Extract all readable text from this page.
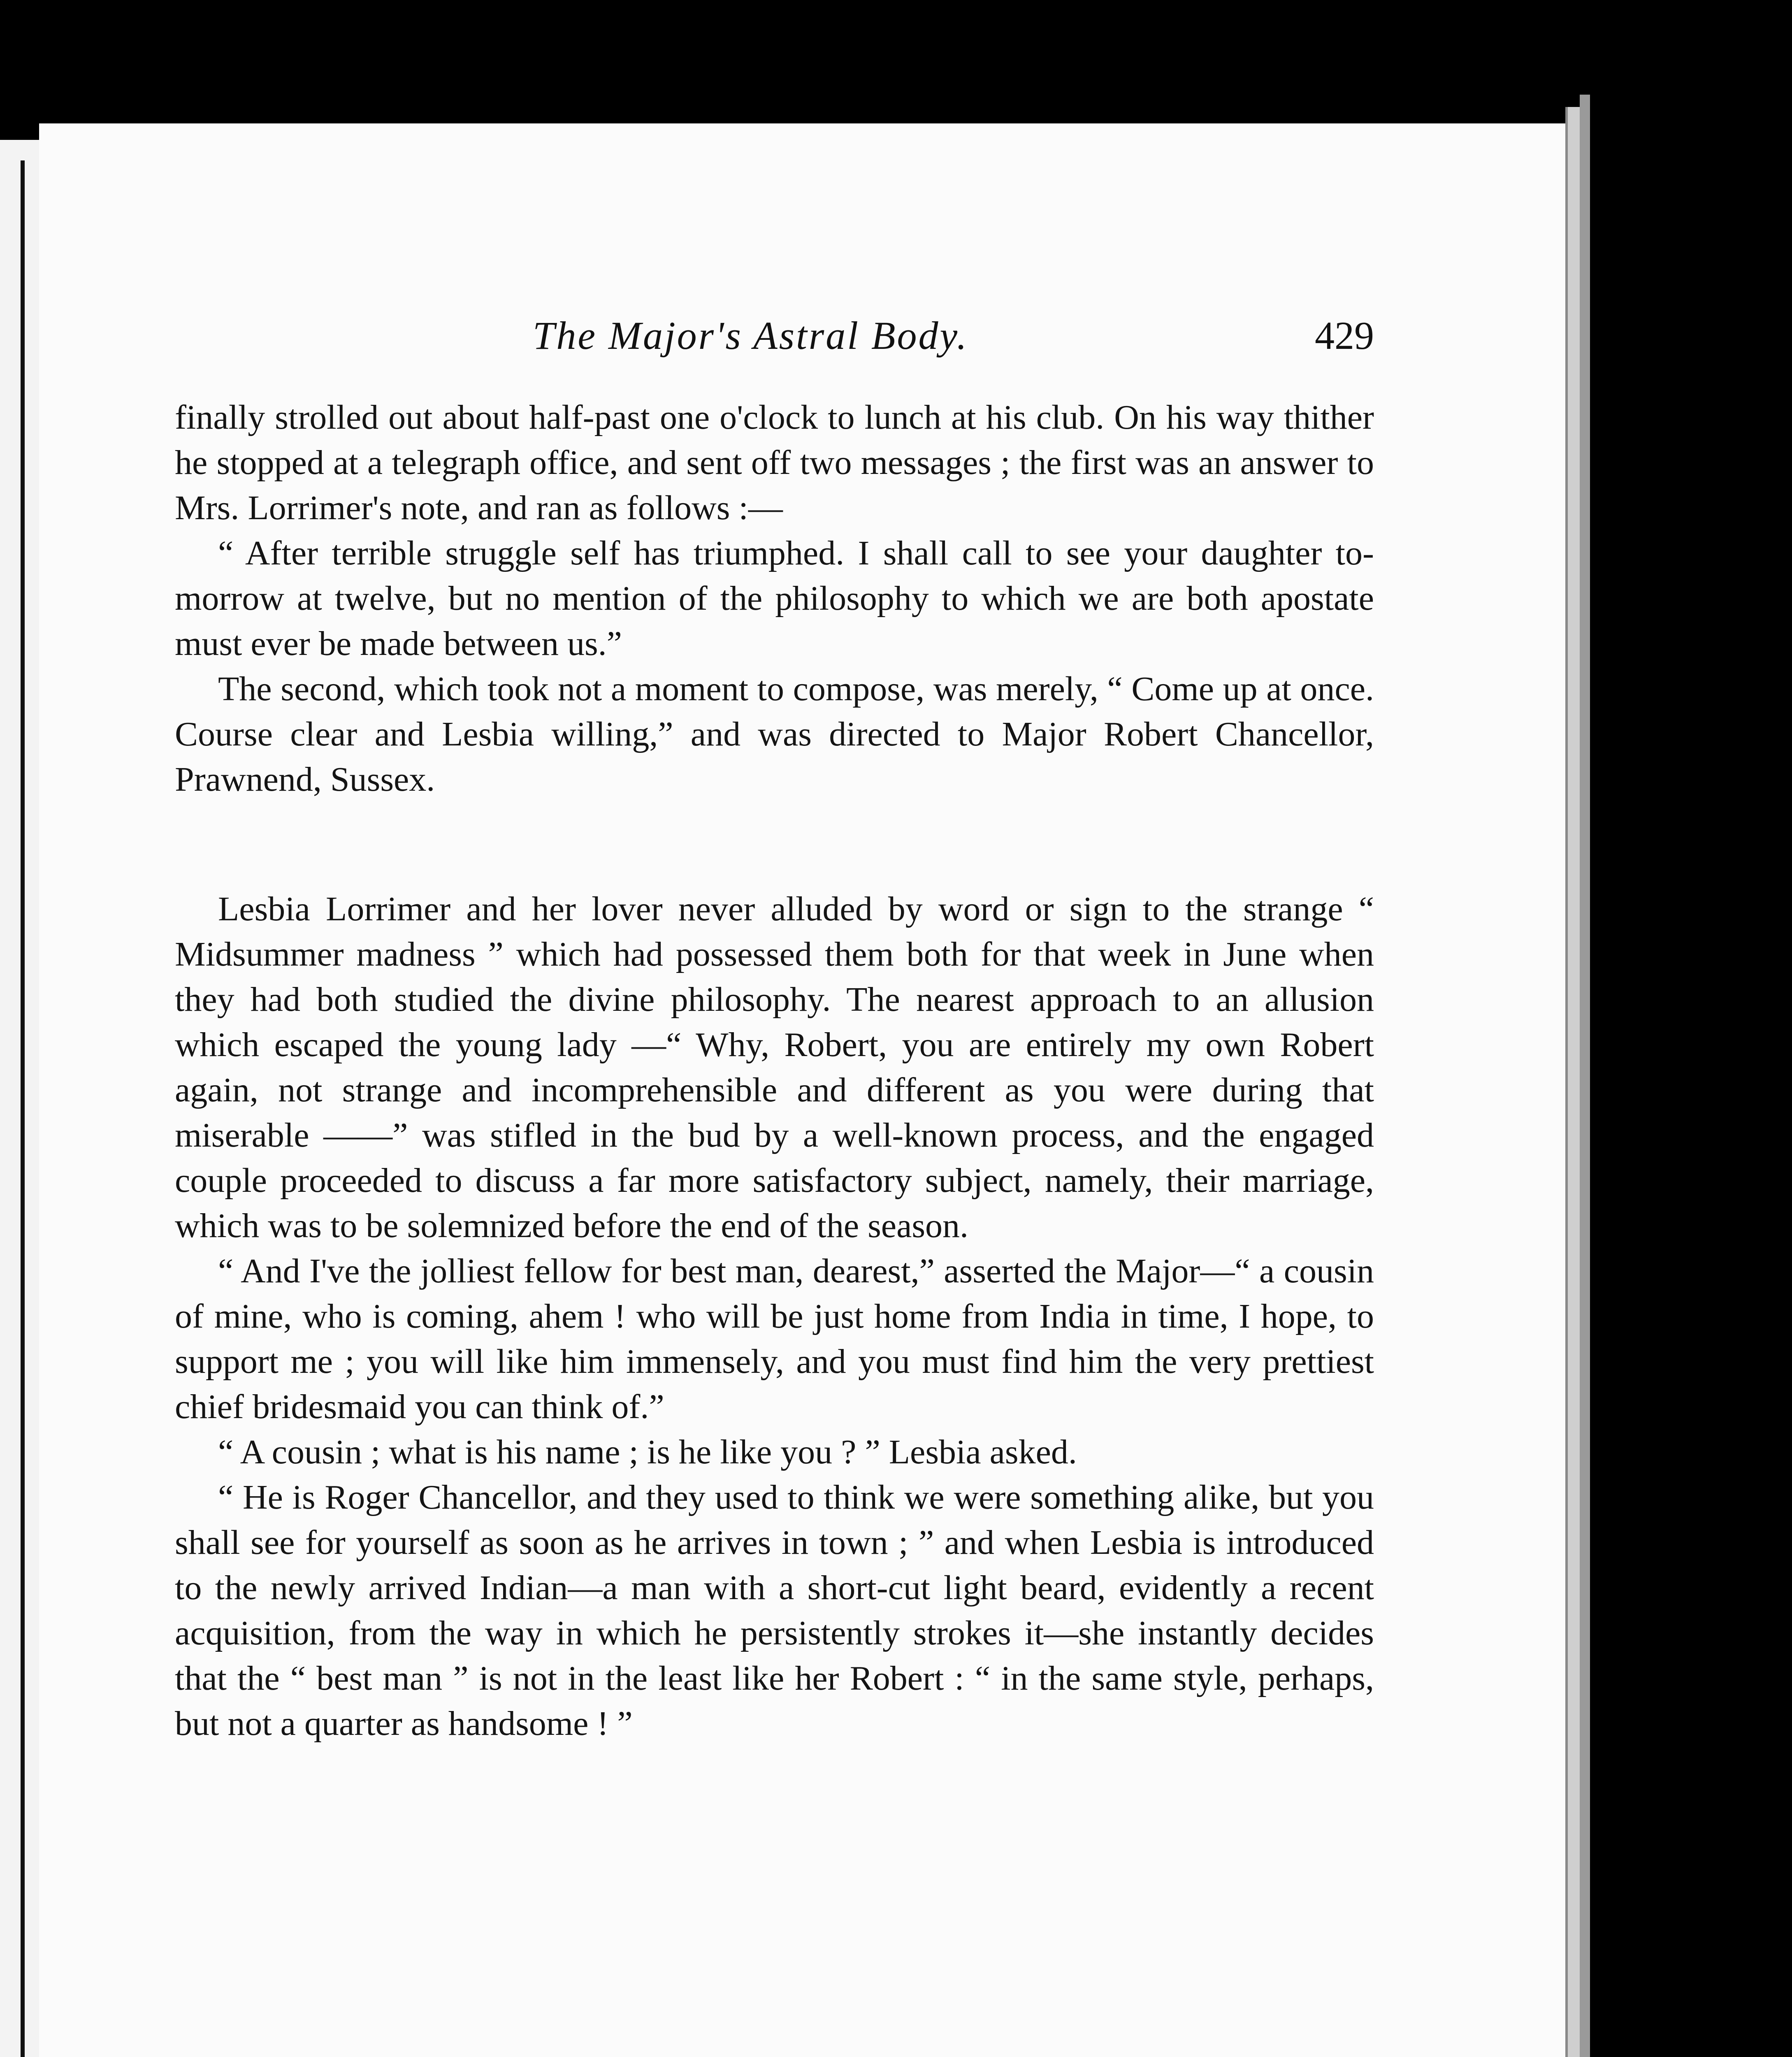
The Major's Astral Body.	429

finally strolled out about half-past one o'clock to lunch at his club. On his way thither he stopped at a telegraph office, and sent off two messages ; the first was an answer to Mrs. Lorrimer's note, and ran as follows :—

“ After terrible struggle self has triumphed. I shall call to see your daughter to-morrow at twelve, but no mention of the philosophy to which we are both apostate must ever be made between us.”

The second, which took not a moment to compose, was merely, “ Come up at once. Course clear and Lesbia willing,” and was directed to Major Robert Chancellor, Prawnend, Sussex.

Lesbia Lorrimer and her lover never alluded by word or sign to the strange “ Midsummer madness ” which had possessed them both for that week in June when they had both studied the divine philosophy. The nearest approach to an allusion which escaped the young lady —“ Why, Robert, you are entirely my own Robert again, not strange and incomprehensible and different as you were during that miserable ——” was stifled in the bud by a well-known process, and the engaged couple proceeded to discuss a far more satisfactory subject, namely, their marriage, which was to be solemnized before the end of the season.

“ And I've the jolliest fellow for best man, dearest,” asserted the Major—“ a cousin of mine, who is coming, ahem ! who will be just home from India in time, I hope, to support me ; you will like him immensely, and you must find him the very prettiest chief bridesmaid you can think of.”

“ A cousin ; what is his name ; is he like you ? ” Lesbia asked.

“ He is Roger Chancellor, and they used to think we were something alike, but you shall see for yourself as soon as he arrives in town ; ” and when Lesbia is introduced to the newly arrived Indian—a man with a short-cut light beard, evidently a recent acquisition, from the way in which he persistently strokes it—she instantly decides that the “ best man ” is not in the least like her Robert : “ in the same style, perhaps, but not a quarter as handsome ! ”
